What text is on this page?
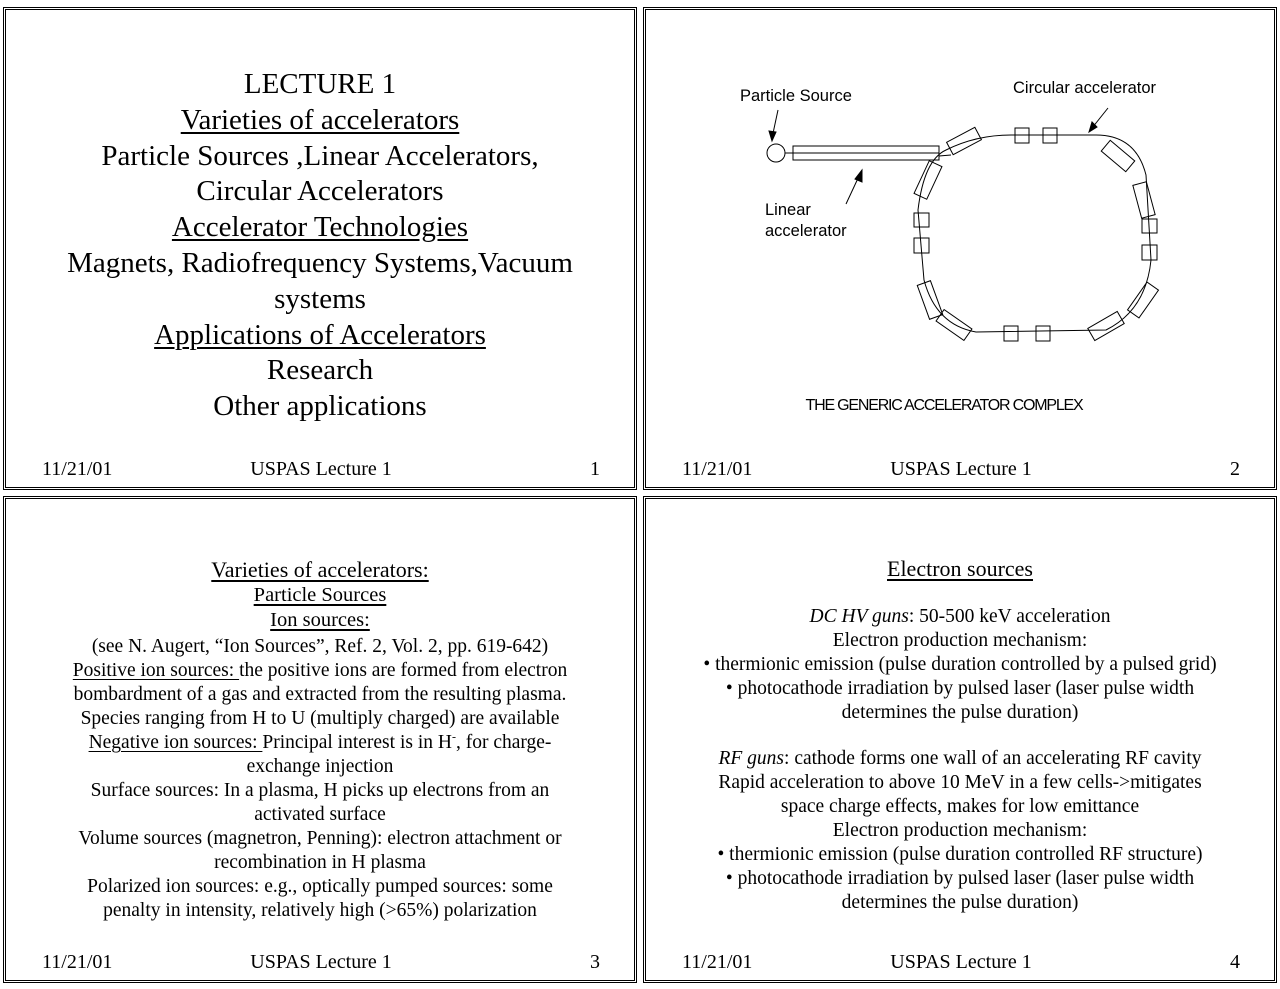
LECTURE 1
Varieties of accelerators
Particle Sources ,Linear Accelerators,
Circular Accelerators
Accelerator Technologies
Magnets, Radiofrequency Systems,Vacuum
systems
Applications of Accelerators
Research
Other applications
11/21/01	USPAS Lecture 1	1
Particle Source	Circular accelerator
Linear
accelerator
THE GENERIC ACCELERATOR COMPLEX
11/21/01	USPAS Lecture 1	2
Varieties of accelerators:
Particle Sources
Ion sources:
(see N. Augert, “Ion Sources”, Ref. 2, Vol. 2, pp. 619-642)
Positive ion sources: the positive ions are formed from electron
bombardment of a gas and extracted from the resulting plasma.
Species ranging from H to U (multiply charged) are available
Negative ion sources: Principal interest is in H-, for charge-
exchange injection
Surface sources: In a plasma, H picks up electrons from an
activated surface
Volume sources (magnetron, Penning): electron attachment or
recombination in H plasma
Polarized ion sources: e.g., optically pumped sources: some
penalty in intensity, relatively high (>65%) polarization
11/21/01	USPAS Lecture 1	3
Electron sources
DC HV guns: 50-500 keV acceleration
Electron production mechanism:
• thermionic emission (pulse duration controlled by a pulsed grid)
• photocathode irradiation by pulsed laser (laser pulse width
determines the pulse duration)
RF guns: cathode forms one wall of an accelerating RF cavity
Rapid acceleration to above 10 MeV in a few cells->mitigates
space charge effects, makes for low emittance
Electron production mechanism:
• thermionic emission (pulse duration controlled RF structure)
• photocathode irradiation by pulsed laser (laser pulse width
determines the pulse duration)
11/21/01	USPAS Lecture 1	4
